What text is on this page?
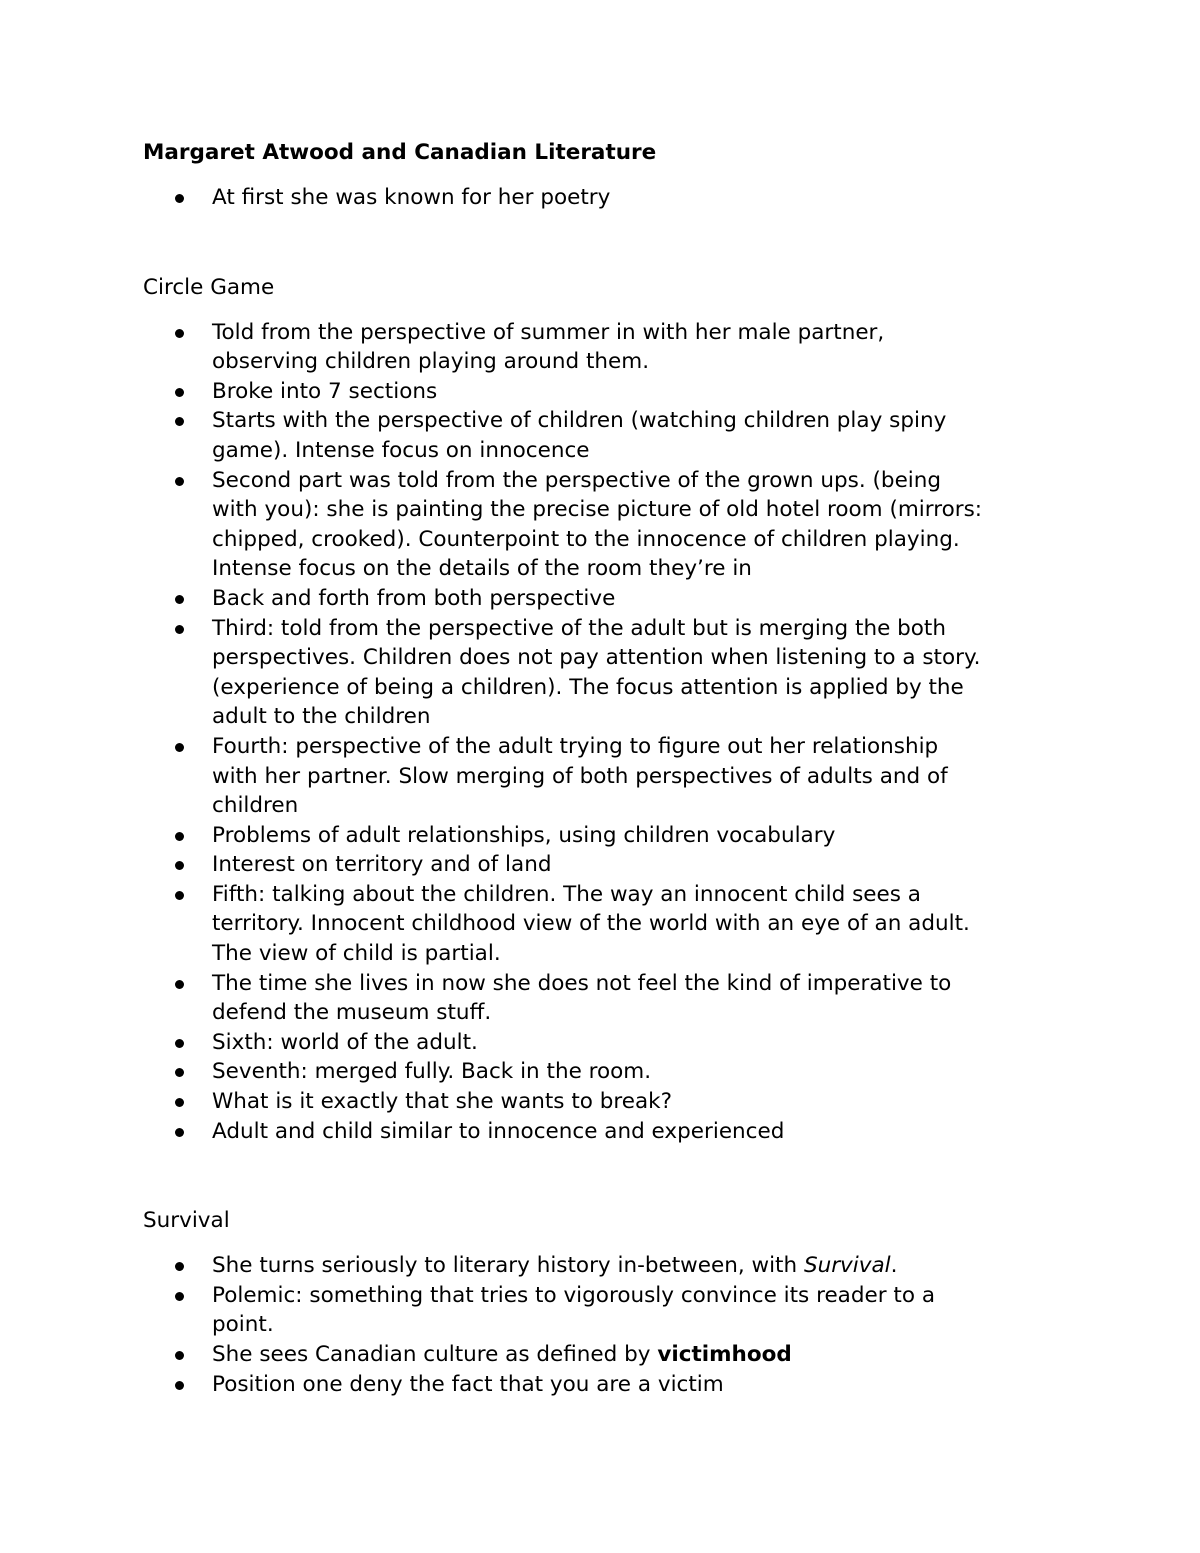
Margaret Atwood and Canadian Literature
At first she was known for her poetry
Circle Game
Told from the perspective of summer in with her male partner,
observing children playing around them.
Broke into 7 sections
Starts with the perspective of children (watching children play spiny
game). Intense focus on innocence
Second part was told from the perspective of the grown ups. (being
with you): she is painting the precise picture of old hotel room (mirrors:
chipped, crooked). Counterpoint to the innocence of children playing.
Intense focus on the details of the room they’re in
Back and forth from both perspective
Third: told from the perspective of the adult but is merging the both
perspectives. Children does not pay attention when listening to a story.
(experience of being a children). The focus attention is applied by the
adult to the children
Fourth: perspective of the adult trying to figure out her relationship
with her partner. Slow merging of both perspectives of adults and of
children
Problems of adult relationships, using children vocabulary
Interest on territory and of land
Fifth: talking about the children. The way an innocent child sees a
territory. Innocent childhood view of the world with an eye of an adult.
The view of child is partial.
The time she lives in now she does not feel the kind of imperative to
defend the museum stuff.
Sixth: world of the adult.
Seventh: merged fully. Back in the room.
What is it exactly that she wants to break?
Adult and child similar to innocence and experienced
Survival
She turns seriously to literary history in-between, with Survival.
Polemic: something that tries to vigorously convince its reader to a
point.
She sees Canadian culture as defined by victimhood
Position one deny the fact that you are a victim
